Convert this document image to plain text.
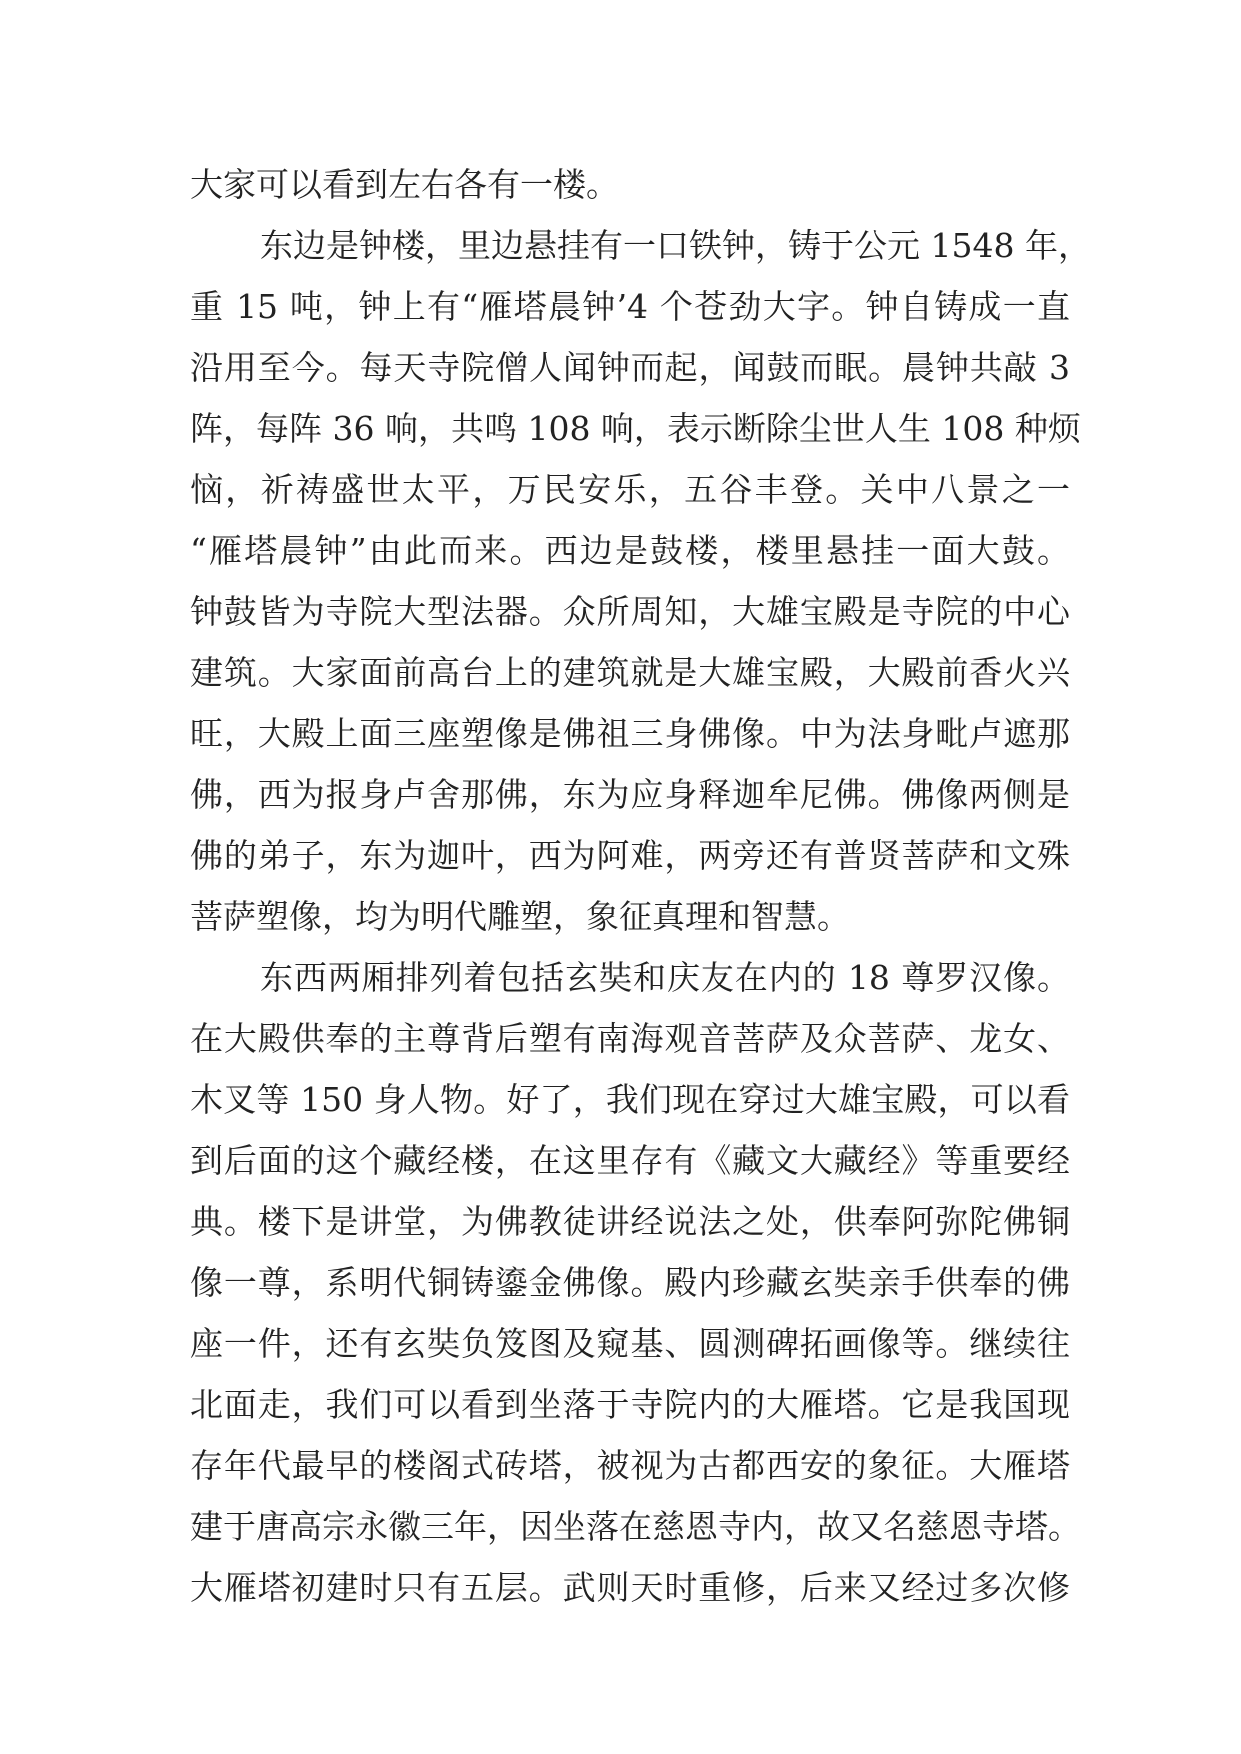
大家可以看到左右各有一楼。
东边是钟楼，里边悬挂有一口铁钟，铸于公元 1548 年，
重 15 吨，钟上有“雁塔晨钟’4 个苍劲大字。钟自铸成一直
沿用至今。每天寺院僧人闻钟而起，闻鼓而眠。晨钟共敲 3
阵，每阵 36 响，共鸣 108 响，表示断除尘世人生 108 种烦
恼，祈祷盛世太平，万民安乐，五谷丰登。关中八景之一
“雁塔晨钟”由此而来。西边是鼓楼，楼里悬挂一面大鼓。
钟鼓皆为寺院大型法器。众所周知，大雄宝殿是寺院的中心
建筑。大家面前高台上的建筑就是大雄宝殿，大殿前香火兴
旺，大殿上面三座塑像是佛祖三身佛像。中为法身毗卢遮那
佛，西为报身卢舍那佛，东为应身释迦牟尼佛。佛像两侧是
佛的弟子，东为迦叶，西为阿难，两旁还有普贤菩萨和文殊
菩萨塑像，均为明代雕塑，象征真理和智慧。
东西两厢排列着包括玄奘和庆友在内的 18 尊罗汉像。
在大殿供奉的主尊背后塑有南海观音菩萨及众菩萨、龙女、
木叉等 150 身人物。好了，我们现在穿过大雄宝殿，可以看
到后面的这个藏经楼，在这里存有《藏文大藏经》等重要经
典。楼下是讲堂，为佛教徒讲经说法之处，供奉阿弥陀佛铜
像一尊，系明代铜铸鎏金佛像。殿内珍藏玄奘亲手供奉的佛
座一件，还有玄奘负笈图及窥基、圆测碑拓画像等。继续往
北面走，我们可以看到坐落于寺院内的大雁塔。它是我国现
存年代最早的楼阁式砖塔，被视为古都西安的象征。大雁塔
建于唐高宗永徽三年，因坐落在慈恩寺内，故又名慈恩寺塔。
大雁塔初建时只有五层。武则天时重修，后来又经过多次修
